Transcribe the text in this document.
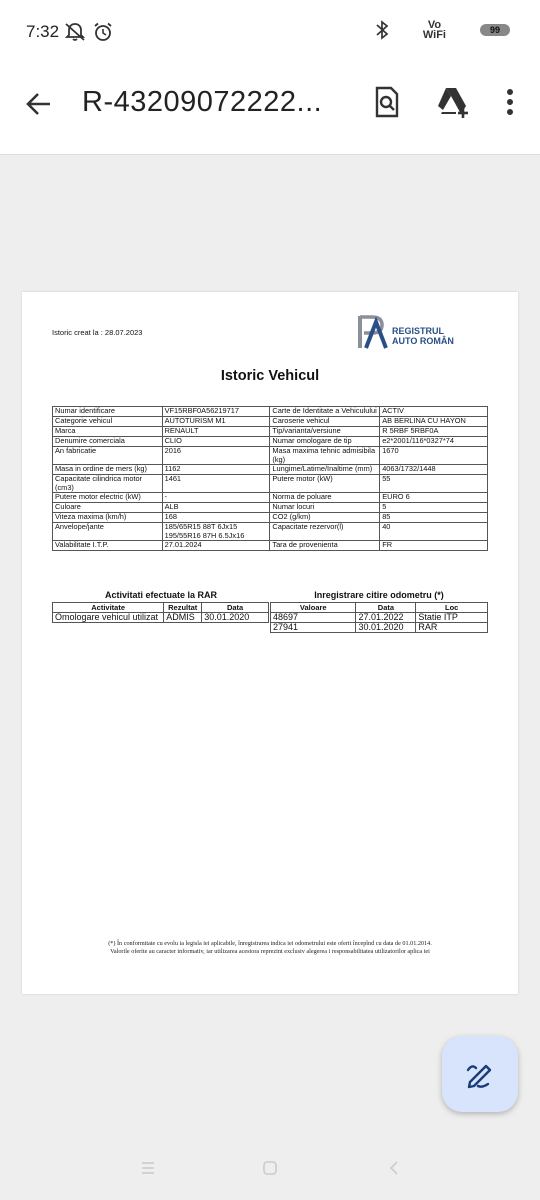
7:32	Vo
WiFi	99
R-43209072222...
Istoric creat la : 28.07.2023	REGISTRUL
AUTO ROMÂN
Istoric Vehicul
Numar identificare	VF15RBF0A56219717	Carte de Identitate a Vehiculului	ACTIV
Categorie vehicul	AUTOTURISM M1	Caroserie vehicul	AB BERLINA CU HAYON
Marca	RENAULT	Tip/varianta/versiune	R 5RBF 5RBF0A
Denumire comerciala	CLIO	Numar omologare de tip	e2*2001/116*0327*74
An fabricatie	2016	Masa maxima tehnic admisibila (kg)	1670
Masa in ordine de mers (kg)	1162	Lungime/Latime/Inaltime (mm)	4063/1732/1448
Capacitate cilindrica motor (cm3)	1461	Putere motor (kW)	55
Putere motor electric (kW)	-	Norma de poluare	EURO 6
Culoare	ALB	Numar locuri	5
Viteza maxima (km/h)	168	CO2 (g/km)	85
Anvelope/jante	185/65R15 88T 6Jx15 195/55R16 87H 6.5Jx16	Capacitate rezervor(l)	40
Valabilitate I.T.P.	27.01.2024	Tara de provenienta	FR
Activitati efectuate la RAR	Inregistrare citire odometru (*)
Activitate	Rezultat	Data
Omologare vehicul utilizat	ADMIS	30.01.2020
Valoare	Data	Loc
48697	27.01.2022	Statie ITP
27941	30.01.2020	RAR
(*) În conformitate cu evolu ia legisla iei aplicabile, înregistrarea indica iei odometrului este oferit începînd cu data de 01.01.2014.
Valorile oferite au caracter informativ, iar utilizarea acestora reprezint exclusiv alegerea i responsabilitatea utilizatorilor aplica iei
